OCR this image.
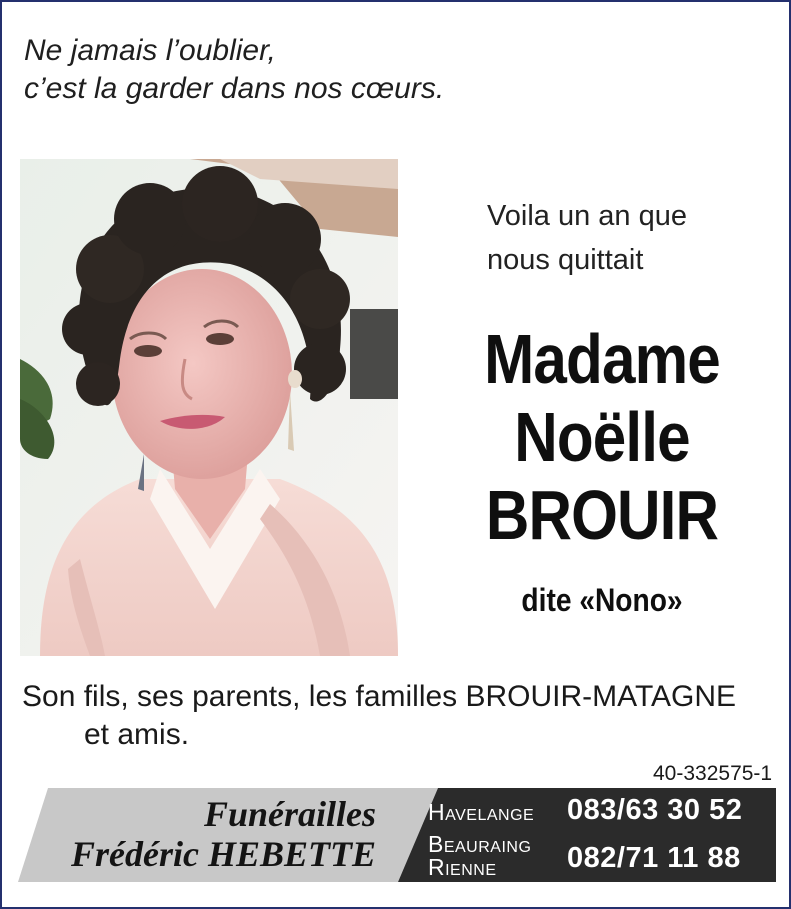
Ne jamais l’oublier,
c’est la garder dans nos cœurs.
Voila un an que
nous quittait
Madame
Noëlle
BROUIR
dite «Nono»
Son fils, ses parents, les familles BROUIR-MATAGNE
et amis.
40-332575-1
Funérailles
Frédéric HEBETTE
Havelange 083/63 30 52
Beauraing
Rienne 082/71 11 88
